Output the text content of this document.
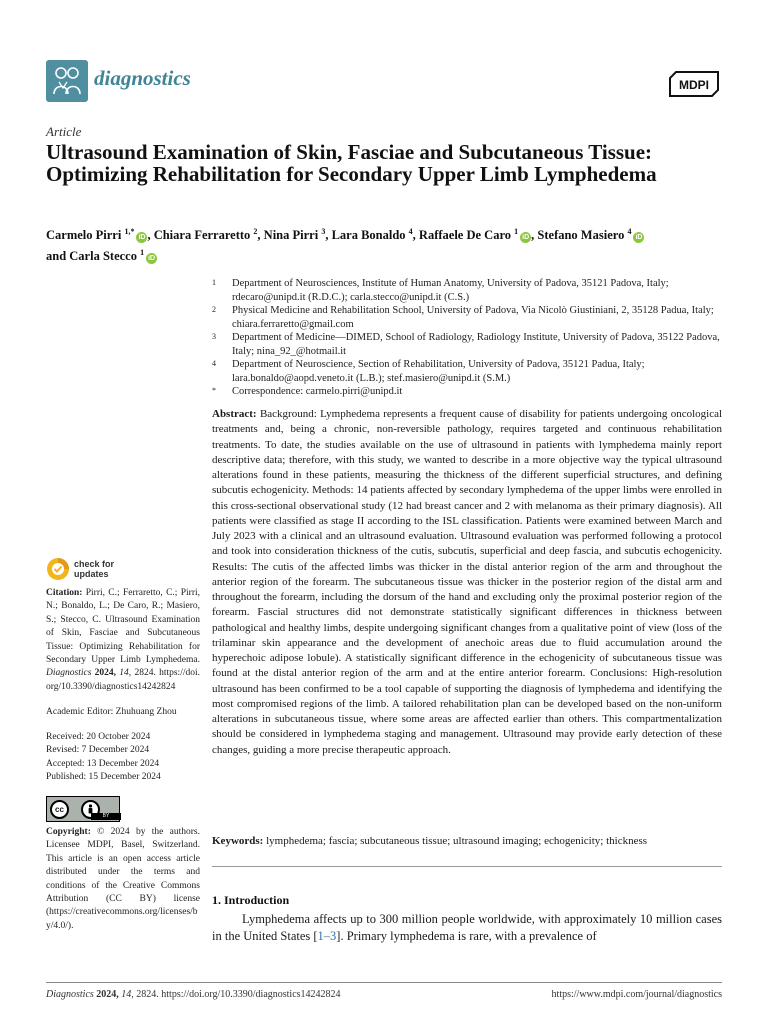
diagnostics	MDPI
Article
Ultrasound Examination of Skin, Fasciae and Subcutaneous Tissue: Optimizing Rehabilitation for Secondary Upper Limb Lymphedema
Carmelo Pirri $^{1,*}$iD , Chiara Ferraretto $^2$, Nina Pirri $^3$, Lara Bonaldo $^4$, Raffaele De Caro $^1$iD , Stefano Masiero $^4$iD
and Carla Stecco $^1$iD
1	Department of Neurosciences, Institute of Human Anatomy, University of Padova, 35121 Padova, Italy; rdecaro@unipd.it (R.D.C.); carla.stecco@unipd.it (C.S.)
2	Physical Medicine and Rehabilitation School, University of Padova, Via Nicolò Giustiniani, 2, 35128 Padua, Italy; chiara.ferraretto@gmail.com
3	Department of Medicine—DIMED, School of Radiology, Radiology Institute, University of Padova, 35122 Padova, Italy; nina_92_@hotmail.it
4	Department of Neuroscience, Section of Rehabilitation, University of Padova, 35121 Padua, Italy; lara.bonaldo@aopd.veneto.it (L.B.); stef.masiero@unipd.it (S.M.)
*	Correspondence: carmelo.pirri@unipd.it
check for
updates
Citation: Pirri, C.; Ferraretto, C.; Pirri, N.; Bonaldo, L.; De Caro, R.; Masiero, S.; Stecco, C. Ultrasound Examination of Skin, Fasciae and Subcutaneous Tissue: Optimizing Rehabilitation for Secondary Upper Limb Lymphedema. Diagnostics 2024, 14, 2824. https://doi.org/10.3390/diagnostics14242824
Academic Editor: Zhuhuang Zhou
Received: 20 October 2024
Revised: 7 December 2024
Accepted: 13 December 2024
Published: 15 December 2024
cc
BY
Copyright: © 2024 by the authors. Licensee MDPI, Basel, Switzerland. This article is an open access article distributed under the terms and conditions of the Creative Commons Attribution (CC BY) license (https://creativecommons.org/licenses/by/4.0/).
Abstract: Background: Lymphedema represents a frequent cause of disability for patients undergoing oncological treatments and, being a chronic, non-reversible pathology, requires targeted and continuous rehabilitation treatments. To date, the studies available on the use of ultrasound in patients with lymphedema mainly report descriptive data; therefore, with this study, we wanted to describe in a more objective way the typical ultrasound alterations found in these patients, measuring the thickness of the different superficial structures, and defining subcutis echogenicity. Methods: 14 patients affected by secondary lymphedema of the upper limbs were enrolled in this cross-sectional observational study (12 had breast cancer and 2 with melanoma as their primary diagnosis). All patients were classified as stage II according to the ISL classification. Patients were examined between March and July 2023 with a clinical and an ultrasound evaluation. Ultrasound evaluation was performed following a protocol and took into consideration thickness of the cutis, subcutis, superficial and deep fascia, and subcutis echogenicity. Results: The cutis of the affected limbs was thicker in the distal anterior region of the arm and throughout the anterior region of the forearm. The subcutaneous tissue was thicker in the posterior region of the distal arm and throughout the forearm, including the dorsum of the hand and excluding only the proximal posterior region of the forearm. Fascial structures did not demonstrate statistically significant differences in thickness between pathological and healthy limbs, despite undergoing significant changes from a qualitative point of view (loss of the trilaminar skin appearance and the development of anechoic areas due to fluid accumulation around the hyperechoic adipose lobule). A statistically significant difference in the echogenicity of subcutaneous tissue was found at the distal anterior region of the arm and at the entire anterior forearm. Conclusions: High-resolution ultrasound has been confirmed to be a tool capable of supporting the diagnosis of lymphedema and identifying the most compromised regions of the limb. A tailored rehabilitation plan can be developed based on the non-uniform alterations in subcutaneous tissue, where some areas are affected earlier than others. This compartmentalization should be considered in lymphedema staging and management. Ultrasound may provide early detection of these changes, guiding a more precise therapeutic approach.
Keywords: lymphedema; fascia; subcutaneous tissue; ultrasound imaging; echogenicity; thickness
1. Introduction
Lymphedema affects up to 300 million people worldwide, with approximately 10 million cases in the United States [1–3]. Primary lymphedema is rare, with a prevalence of
Diagnostics 2024, 14, 2824. https://doi.org/10.3390/diagnostics14242824	https://www.mdpi.com/journal/diagnostics
